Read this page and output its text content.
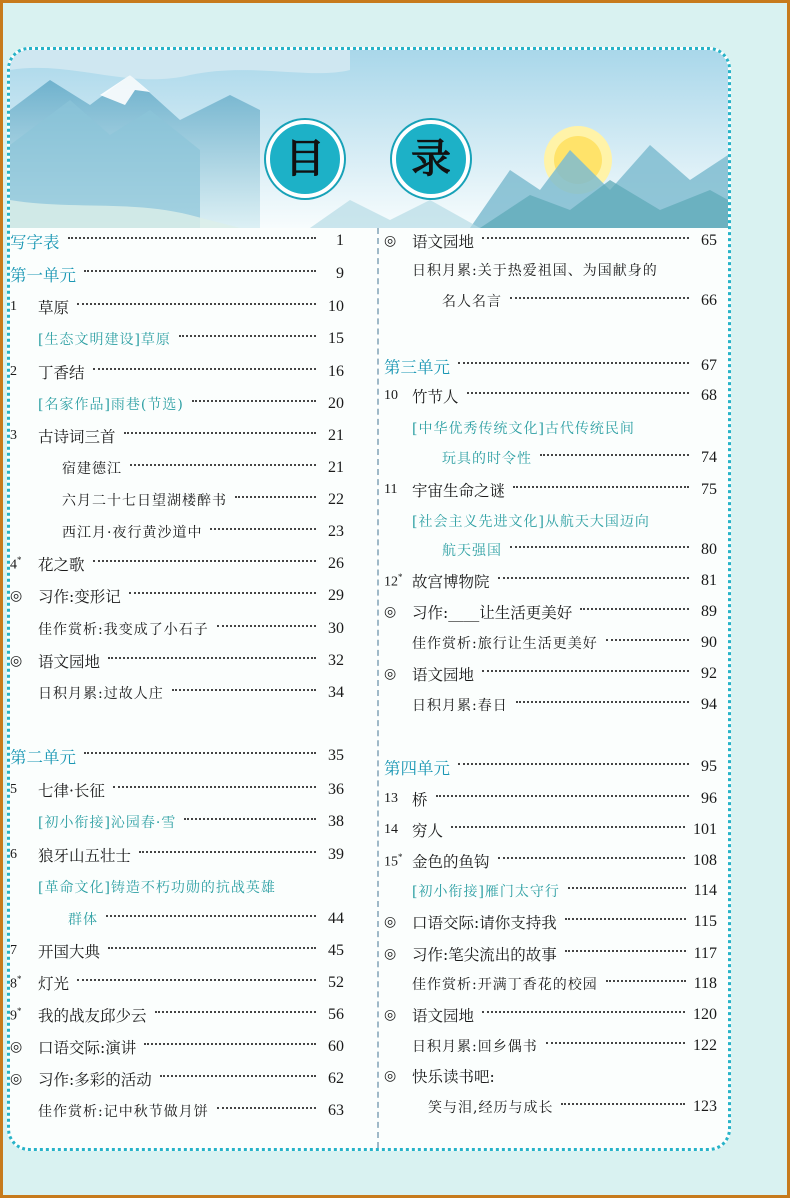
目	录
写字表	1
第一单元	9
1	草原	10
[生态文明建设]草原	15
2	丁香结	16
[名家作品]雨巷(节选)	20
3	古诗词三首	21
宿建德江	21
六月二十七日望湖楼醉书	22
西江月·夜行黄沙道中	23
4*	花之歌	26
◎	习作:变形记	29
佳作赏析:我变成了小石子	30
◎	语文园地	32
日积月累:过故人庄	34
第二单元	35
5	七律·长征	36
[初小衔接]沁园春·雪	38
6	狼牙山五壮士	39
[革命文化]铸造不朽功勋的抗战英雄
群体	44
7	开国大典	45
8*	灯光	52
9*	我的战友邱少云	56
◎	口语交际:演讲	60
◎	习作:多彩的活动	62
佳作赏析:记中秋节做月饼	63
◎	语文园地	65
日积月累:关于热爱祖国、为国献身的
名人名言	66
第三单元	67
10 竹节人	68
[中华优秀传统文化]古代传统民间
玩具的时令性	74
11 宇宙生命之谜	75
[社会主义先进文化]从航天大国迈向
航天强国	80
12* 故宫博物院	81
◎	习作:____让生活更美好	89
佳作赏析:旅行让生活更美好	90
◎	语文园地	92
日积月累:春日	94
第四单元	95
13 桥	96
14 穷人	101
15* 金色的鱼钩	108
[初小衔接]雁门太守行	114
◎	口语交际:请你支持我	115
◎	习作:笔尖流出的故事	117
佳作赏析:开满丁香花的校园	118
◎	语文园地	120
日积月累:回乡偶书	122
◎	快乐读书吧:
笑与泪,经历与成长	123
